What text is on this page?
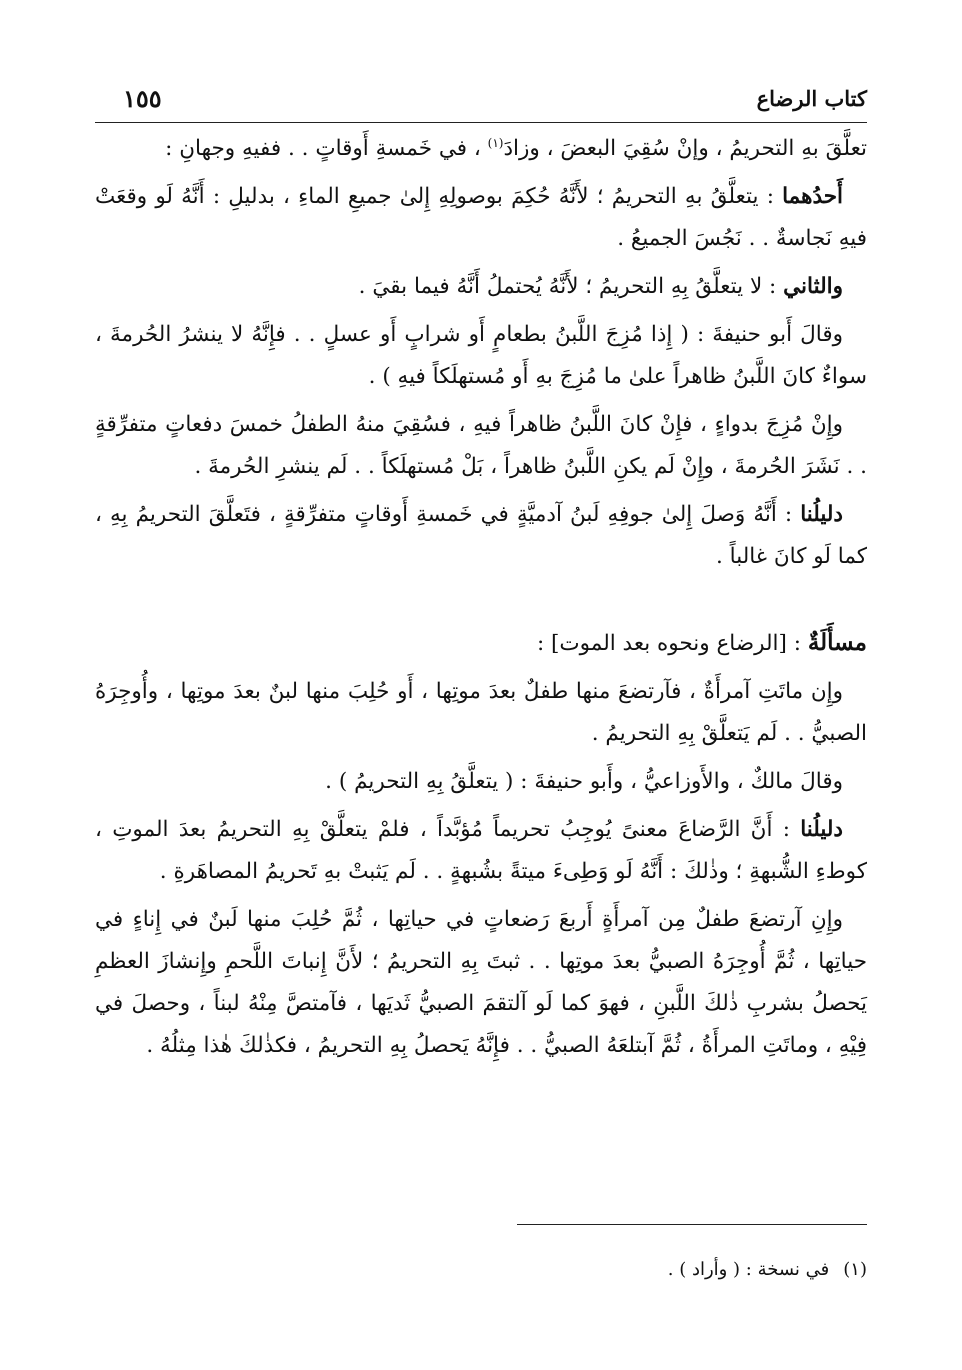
كتاب الرضاع
١٥٥

تعلَّقَ بهِ التحريمُ ، وإنْ سُقِيَ البعضَ ، وزادَ$^{(١)}$ ، في خَمسةِ أَوقاتٍ . . ففيهِ وجهانِ :

أَحدُهما : يتعلَّقُ بهِ التحريمُ ؛ لأَنَّهُ حُكِمَ بوصولِهِ إِلىٰ جميعِ الماءِ ، بدليلِ : أَنَّهُ لَو وقعَتْ فيهِ نَجاسةٌ . . نَجُسَ الجميعُ .

والثاني : لا يتعلَّقُ بِهِ التحريمُ ؛ لأَنَّهُ يُحتملُ أَنَّهُ فيما بقيَ .

وقالَ أَبو حنيفةَ : ( إِذا مُزِجَ اللَّبنُ بطعامٍ أَو شرابٍ أَو عسلٍ . . فإِنَّهُ لا ينشرُ الحُرمةَ ، سواءٌ كانَ اللَّبنُ ظاهراً علىٰ ما مُزِجَ بهِ أَو مُستهلَكاً فيهِ ) .

وإِنْ مُزِجَ بدواءٍ ، فإِنْ كانَ اللَّبنُ ظاهراً فيهِ ، فسُقِيَ منهُ الطفلُ خمسَ دفعاتٍ متفرِّقةٍ . . نَشَرَ الحُرمةَ ، وإِنْ لَم يكنِ اللَّبنُ ظاهراً ، بَلْ مُستهلَكاً . . لَم ينشرِ الحُرمةَ .

دليلُنا : أَنَّهُ وَصلَ إِلىٰ جوفِهِ لَبنُ آدميَّةٍ في خَمسةِ أَوقاتٍ متفرِّقةٍ ، فتَعلَّقَ التحريمُ بِهِ ، كما لَو كانَ غالباً .

مسأَلَةٌ : [الرضاع ونحوه بعد الموت] :

وإِن ماتَتِ آمرأَةٌ ، فآرتضعَ منها طفلٌ بعدَ موتِها ، أَو حُلِبَ منها لبنٌ بعدَ موتِها ، وأُوجِرَهُ الصبيُّ . . لَم يَتعلَّقْ بِهِ التحريمُ .

وقالَ مالكٌ ، والأَوزاعيُّ ، وأَبو حنيفةَ : ( يتعلَّقُ بِهِ التحريمُ ) .

دليلُنا : أَنَّ الرَّضاعَ معنىً يُوجِبُ تحريماً مُؤبَّداً ، فلمْ يتعلَّقْ بِهِ التحريمُ بعدَ الموتِ ، كوطءِ الشُّبهةِ ؛ وذٰلكَ : أَنَّهُ لَو وَطِىءَ ميتةً بشُبهةٍ . . لَم يَثبتْ بهِ تَحريمُ المصاهَرةِ .

وإِنِ آرتضعَ طفلٌ مِن آمرأَةٍ أَربعَ رَضعاتٍ في حياتِها ، ثُمَّ حُلِبَ منها لَبنٌ في إِناءٍ في حياتِها ، ثُمَّ أُوجِرَهُ الصبيُّ بعدَ موتِها . . ثبتَ بِهِ التحريمُ ؛ لأَنَّ إِنباتَ اللَّحمِ وإِنشازَ العظمِ يَحصلُ بشربِ ذٰلكَ اللَّبنِ ، فهوَ كما لَو آلتقمَ الصبيُّ ثَديَها ، فآمتصَّ مِنْهُ لبناً ، وحصلَ في فِيْهِ ، وماتَتِ المرأَةُ ، ثُمَّ آبتلعَهُ الصبيُّ . . فإِنَّهُ يَحصلُ بِهِ التحريمُ ، فكذٰلكَ هٰذا مِثلُهُ .

(١)في نسخة : ( وأراد ) .
